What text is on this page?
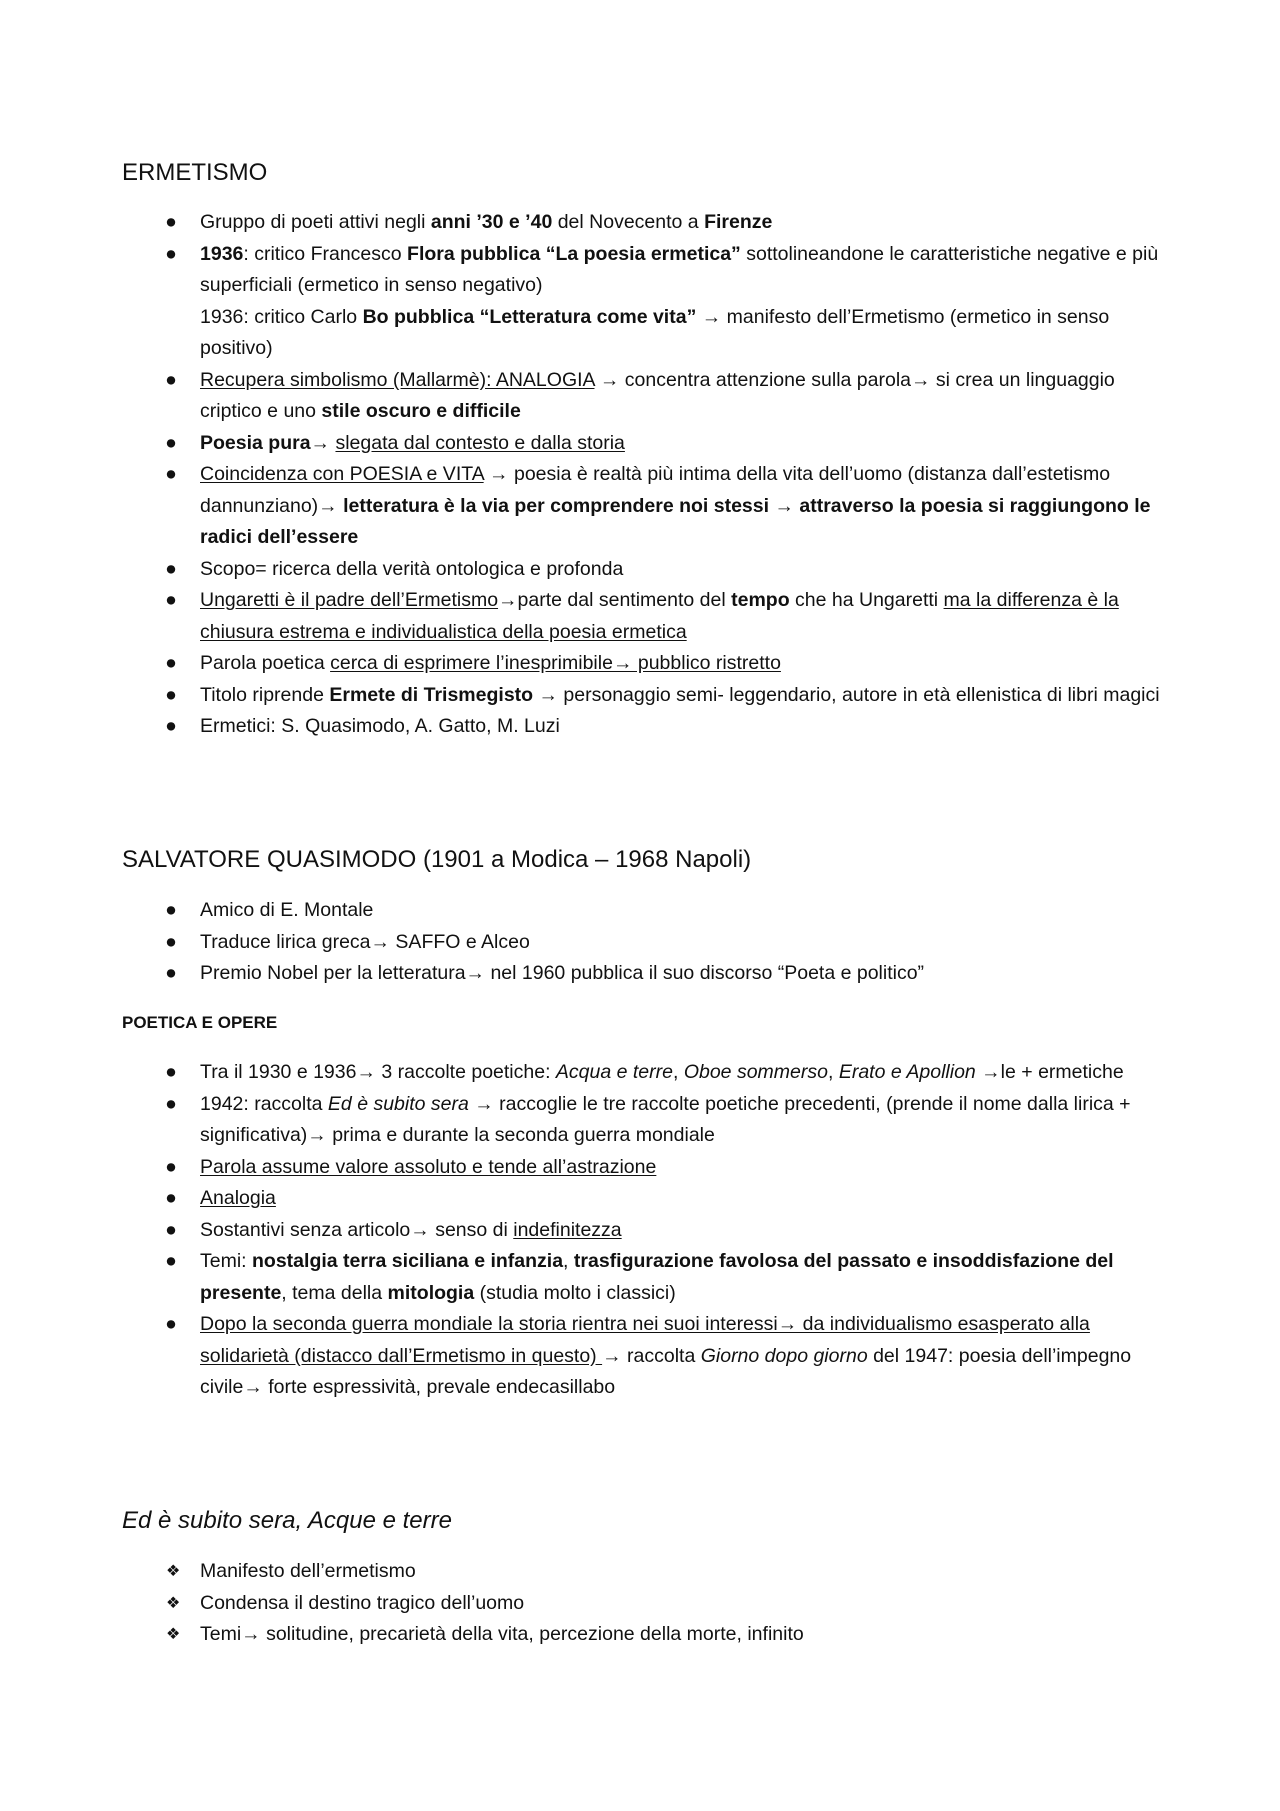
ERMETISMO
● Gruppo di poeti attivi negli anni ’30 e ’40 del Novecento a Firenze
● 1936: critico Francesco Flora pubblica “La poesia ermetica” sottolineandone le caratteristiche negative e più superficiali (ermetico in senso negativo)
1936: critico Carlo Bo pubblica “Letteratura come vita” → manifesto dell’Ermetismo (ermetico in senso positivo)
● Recupera simbolismo (Mallarmè): ANALOGIA → concentra attenzione sulla parola→ si crea un linguaggio criptico e uno stile oscuro e difficile
● Poesia pura→ slegata dal contesto e dalla storia
● Coincidenza con POESIA e VITA → poesia è realtà più intima della vita dell’uomo (distanza dall’estetismo dannunziano)→ letteratura è la via per comprendere noi stessi → attraverso la poesia si raggiungono le radici dell’essere
● Scopo= ricerca della verità ontologica e profonda
● Ungaretti è il padre dell’Ermetismo→parte dal sentimento del tempo che ha Ungaretti ma la differenza è la chiusura estrema e individualistica della poesia ermetica
● Parola poetica cerca di esprimere l’inesprimibile→ pubblico ristretto
● Titolo riprende Ermete di Trismegisto → personaggio semi- leggendario, autore in età ellenistica di libri magici
● Ermetici: S. Quasimodo, A. Gatto, M. Luzi
SALVATORE QUASIMODO (1901 a Modica – 1968 Napoli)
● Amico di E. Montale
● Traduce lirica greca→ SAFFO e Alceo
● Premio Nobel per la letteratura→ nel 1960 pubblica il suo discorso “Poeta e politico”
POETICA E OPERE
● Tra il 1930 e 1936→ 3 raccolte poetiche: Acqua e terre, Oboe sommerso, Erato e Apollion →le + ermetiche
● 1942: raccolta Ed è subito sera → raccoglie le tre raccolte poetiche precedenti, (prende il nome dalla lirica + significativa)→ prima e durante la seconda guerra mondiale
● Parola assume valore assoluto e tende all’astrazione
● Analogia
● Sostantivi senza articolo→ senso di indefinitezza
● Temi: nostalgia terra siciliana e infanzia, trasfigurazione favolosa del passato e insoddisfazione del presente, tema della mitologia (studia molto i classici)
● Dopo la seconda guerra mondiale la storia rientra nei suoi interessi→ da individualismo esasperato alla solidarietà (distacco dall’Ermetismo in questo) → raccolta Giorno dopo giorno del 1947: poesia dell’impegno civile→ forte espressività, prevale endecasillabo
Ed è subito sera, Acque e terre
❖ Manifesto dell’ermetismo
❖ Condensa il destino tragico dell’uomo
❖ Temi→ solitudine, precarietà della vita, percezione della morte, infinito
